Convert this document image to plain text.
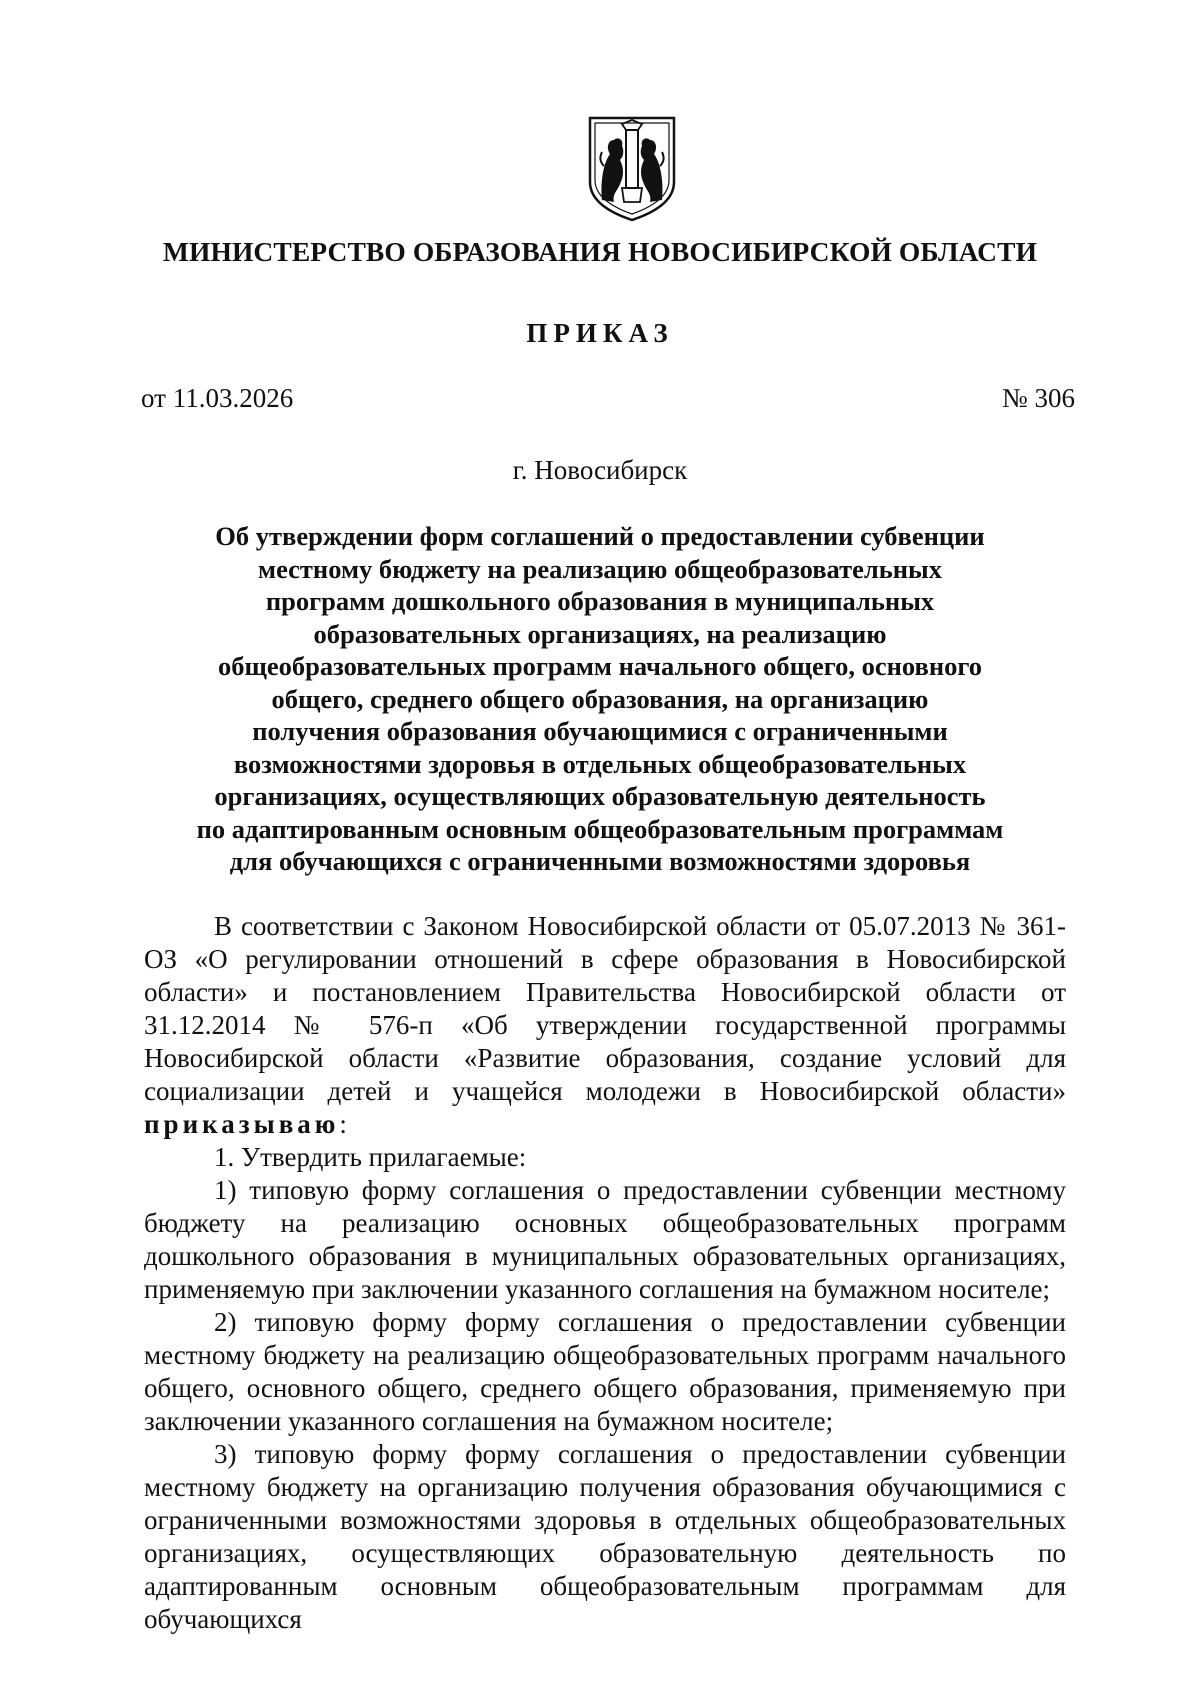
МИНИСТЕРСТВО ОБРАЗОВАНИЯ НОВОСИБИРСКОЙ ОБЛАСТИ
ПРИКАЗ
от 11.03.2026	№ 306
г. Новосибирск
Об утверждении форм соглашений о предоставлении субвенции
местному бюджету на реализацию общеобразовательных
программ дошкольного образования в муниципальных
образовательных организациях, на реализацию
общеобразовательных программ начального общего, основного
общего, среднего общего образования, на организацию
получения образования обучающимися с ограниченными
возможностями здоровья в отдельных общеобразовательных
организациях, осуществляющих образовательную деятельность
по адаптированным основным общеобразовательным программам
для обучающихся с ограниченными возможностями здоровья

В соответствии с Законом Новосибирской области от 05.07.2013 № 361-ОЗ «О регулировании отношений в сфере образования в Новосибирской области» и постановлением Правительства Новосибирской области от 31.12.2014 № 576-п «Об утверждении государственной программы Новосибирской области «Развитие образования, создание условий для социализации детей и учащейся молодежи в Новосибирской области» приказываю:

1. Утвердить прилагаемые:

1) типовую форму соглашения о предоставлении субвенции местному бюджету на реализацию основных общеобразовательных программ дошкольного образования в муниципальных образовательных организациях, применяемую при заключении указанного соглашения на бумажном носителе;

2) типовую форму форму соглашения о предоставлении субвенции местному бюджету на реализацию общеобразовательных программ начального общего, основного общего, среднего общего образования, применяемую при заключении указанного соглашения на бумажном носителе;

3) типовую форму форму соглашения о предоставлении субвенции местному бюджету на организацию получения образования обучающимися с ограниченными возможностями здоровья в отдельных общеобразовательных организациях, осуществляющих образовательную деятельность по адаптированным основным общеобразовательным программам для обучающихся
